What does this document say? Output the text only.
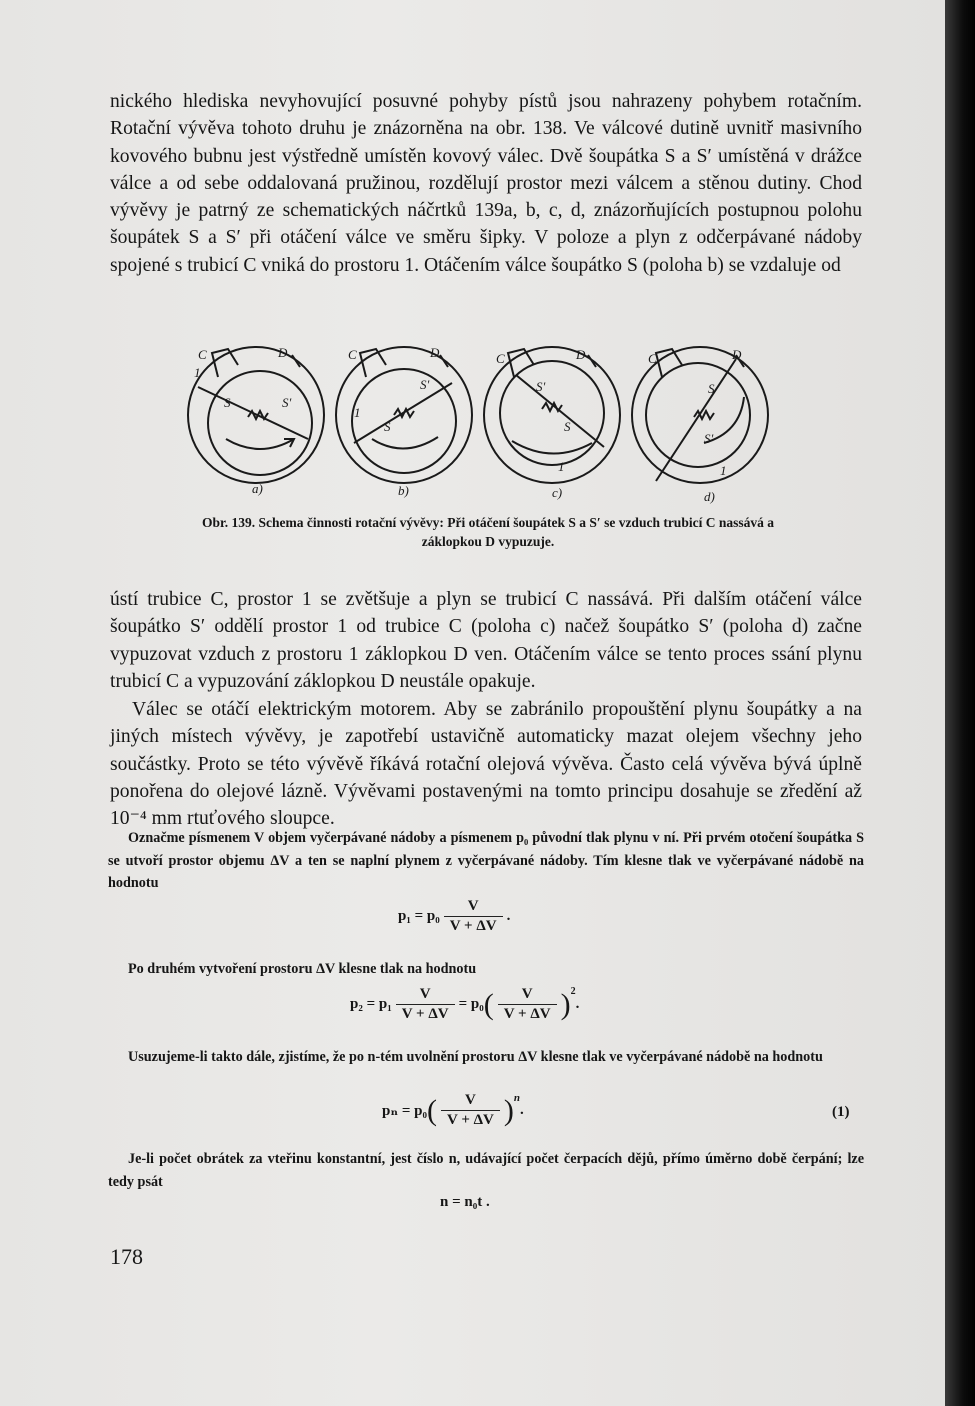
nického hlediska nevyhovující posuvné pohyby pístů jsou nahrazeny pohybem rotačním. Rotační vývěva tohoto druhu je znázorněna na obr. 138. Ve válcové dutině uvnitř masivního kovového bubnu jest výstředně umístěn kovový válec. Dvě šoupátka S a S′ umístěná v drážce válce a od sebe oddalovaná pružinou, rozdělují prostor mezi válcem a stěnou dutiny. Chod vývěvy je patrný ze schematických náčrtků 139a, b, c, d, znázorňujících postupnou polohu šoupátek S a S′ při otáčení válce ve směru šipky. V poloze a plyn z odčerpávané nádoby spojené s trubicí C vniká do prostoru 1. Otáčením válce šoupátko S (poloha b) se vzdaluje od

C
1
D
S	S′
a)
C	D
S′
S
1
b)
C	D
S′
S
1
c)
C	D
S
S′
1
d)
Obr. 139. Schema činnosti rotační vývěvy: Při otáčení šoupátek S a S′ se vzduch trubicí C nassává a záklopkou D vypuzuje.

ústí trubice C, prostor 1 se zvětšuje a plyn se trubicí C nassává. Při dalším otáčení válce šoupátko S′ oddělí prostor 1 od trubice C (poloha c) načež šoupátko S′ (poloha d) začne vypuzovat vzduch z prostoru 1 záklopkou D ven. Otáčením válce se tento proces ssání plynu trubicí C a vypuzování záklopkou D neustále opakuje.

Válec se otáčí elektrickým motorem. Aby se zabránilo propouštění plynu šoupátky a na jiných místech vývěvy, je zapotřebí ustavičně automaticky mazat olejem všechny jeho součástky. Proto se této vývěvě říkává rotační olejová vývěva. Často celá vývěva bývá úplně ponořena do olejové lázně. Vývěvami postavenými na tomto principu dosahuje se zředění až 10⁻⁴ mm rtuťového sloupce.

Označme písmenem V objem vyčerpávané nádoby a písmenem p₀ původní tlak plynu v ní. Při prvém otočení šoupátka S se utvoří prostor objemu ΔV a ten se naplní plynem z vyčerpávané nádoby. Tím klesne tlak ve vyčerpávané nádobě na hodnotu

$p_1 = p_0 \frac{V}{V + \Delta V}$ .

Po druhém vytvoření prostoru ΔV klesne tlak na hodnotu

$p_2 = p_1 \frac{V}{V + \Delta V} = p_0$ ( $\frac{V}{V + \Delta V} )^2$
.

Usuzujeme-li takto dále, zjistíme, že po n-tém uvolnění prostoru ΔV klesne tlak ve vyčerpávané nádobě na hodnotu

pₙ = p₀ ( $\frac{V}{V + \Delta V} )^n$
.	(1)

Je-li počet obrátek za vteřinu konstantní, jest číslo n, udávající počet čerpacích dějů, přímo úměrno době čerpání; lze tedy psát

n = n₀t .
178
